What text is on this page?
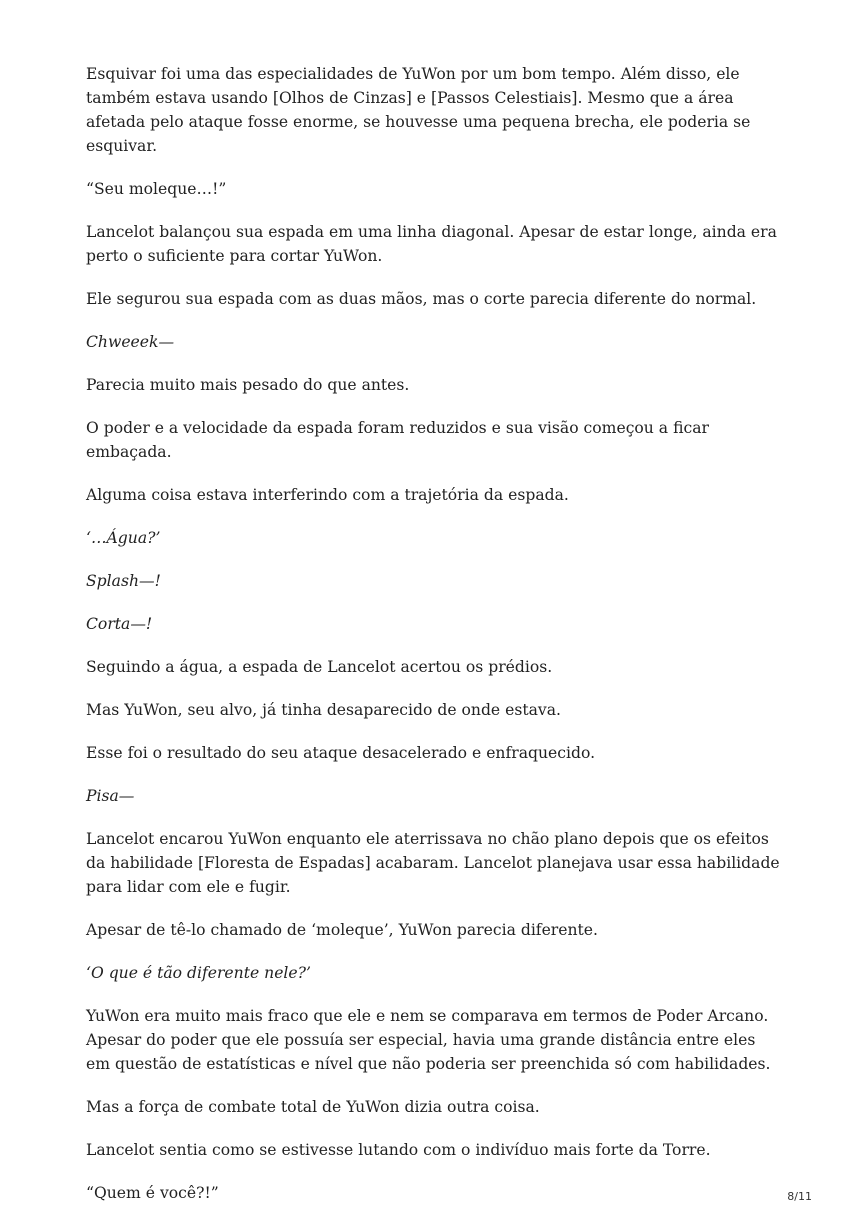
Esquivar foi uma das especialidades de YuWon por um bom tempo. Além disso, ele também estava usando [Olhos de Cinzas] e [Passos Celestiais]. Mesmo que a área afetada pelo ataque fosse enorme, se houvesse uma pequena brecha, ele poderia se esquivar.

“Seu moleque…!”

Lancelot balançou sua espada em uma linha diagonal. Apesar de estar longe, ainda era perto o suficiente para cortar YuWon.

Ele segurou sua espada com as duas mãos, mas o corte parecia diferente do normal.

Chweeek—

Parecia muito mais pesado do que antes.

O poder e a velocidade da espada foram reduzidos e sua visão começou a ficar embaçada.

Alguma coisa estava interferindo com a trajetória da espada.

‘…Água?’

Splash—!

Corta—!

Seguindo a água, a espada de Lancelot acertou os prédios.

Mas YuWon, seu alvo, já tinha desaparecido de onde estava.

Esse foi o resultado do seu ataque desacelerado e enfraquecido.

Pisa—

Lancelot encarou YuWon enquanto ele aterrissava no chão plano depois que os efeitos da habilidade [Floresta de Espadas] acabaram. Lancelot planejava usar essa habilidade para lidar com ele e fugir.

Apesar de tê-lo chamado de ‘moleque’, YuWon parecia diferente.

‘O que é tão diferente nele?’

YuWon era muito mais fraco que ele e nem se comparava em termos de Poder Arcano. Apesar do poder que ele possuía ser especial, havia uma grande distância entre eles em questão de estatísticas e nível que não poderia ser preenchida só com habilidades.

Mas a força de combate total de YuWon dizia outra coisa.

Lancelot sentia como se estivesse lutando com o indivíduo mais forte da Torre.

“Quem é você?!”	8/11
